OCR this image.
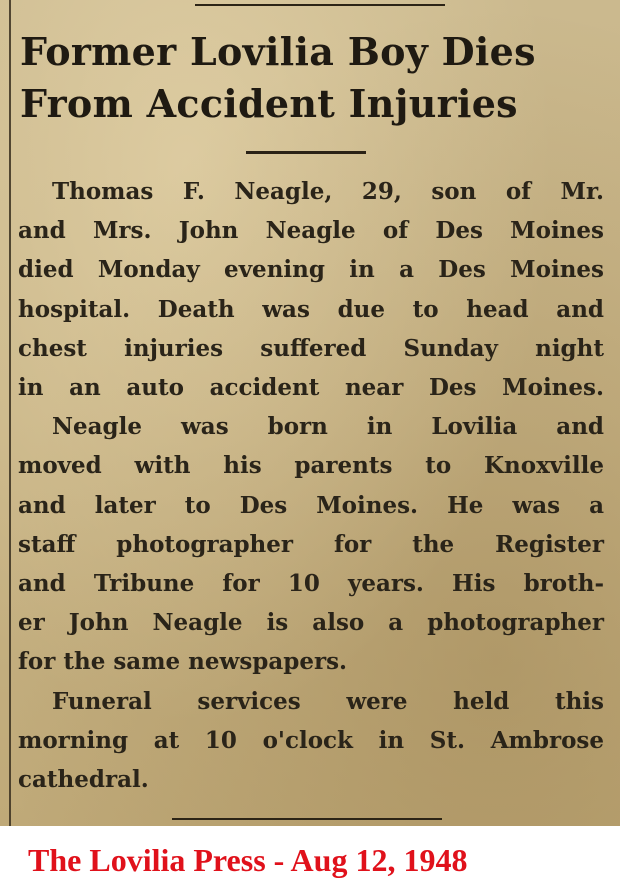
Former Lovilia Boy Dies
From Accident Injuries
Thomas F. Neagle, 29, son of Mr.
and Mrs. John Neagle of Des Moines
died Monday evening in a Des Moines
hospital. Death was due to head and
chest injuries suffered Sunday night
in an auto accident near Des Moines.
Neagle was born in Lovilia and
moved with his parents to Knoxville
and later to Des Moines. He was a
staff photographer for the Register
and Tribune for 10 years. His broth-
er John Neagle is also a photographer
for the same newspapers.
Funeral services were held this
morning at 10 o'clock in St. Ambrose
cathedral.
The Lovilia Press - Aug 12, 1948
